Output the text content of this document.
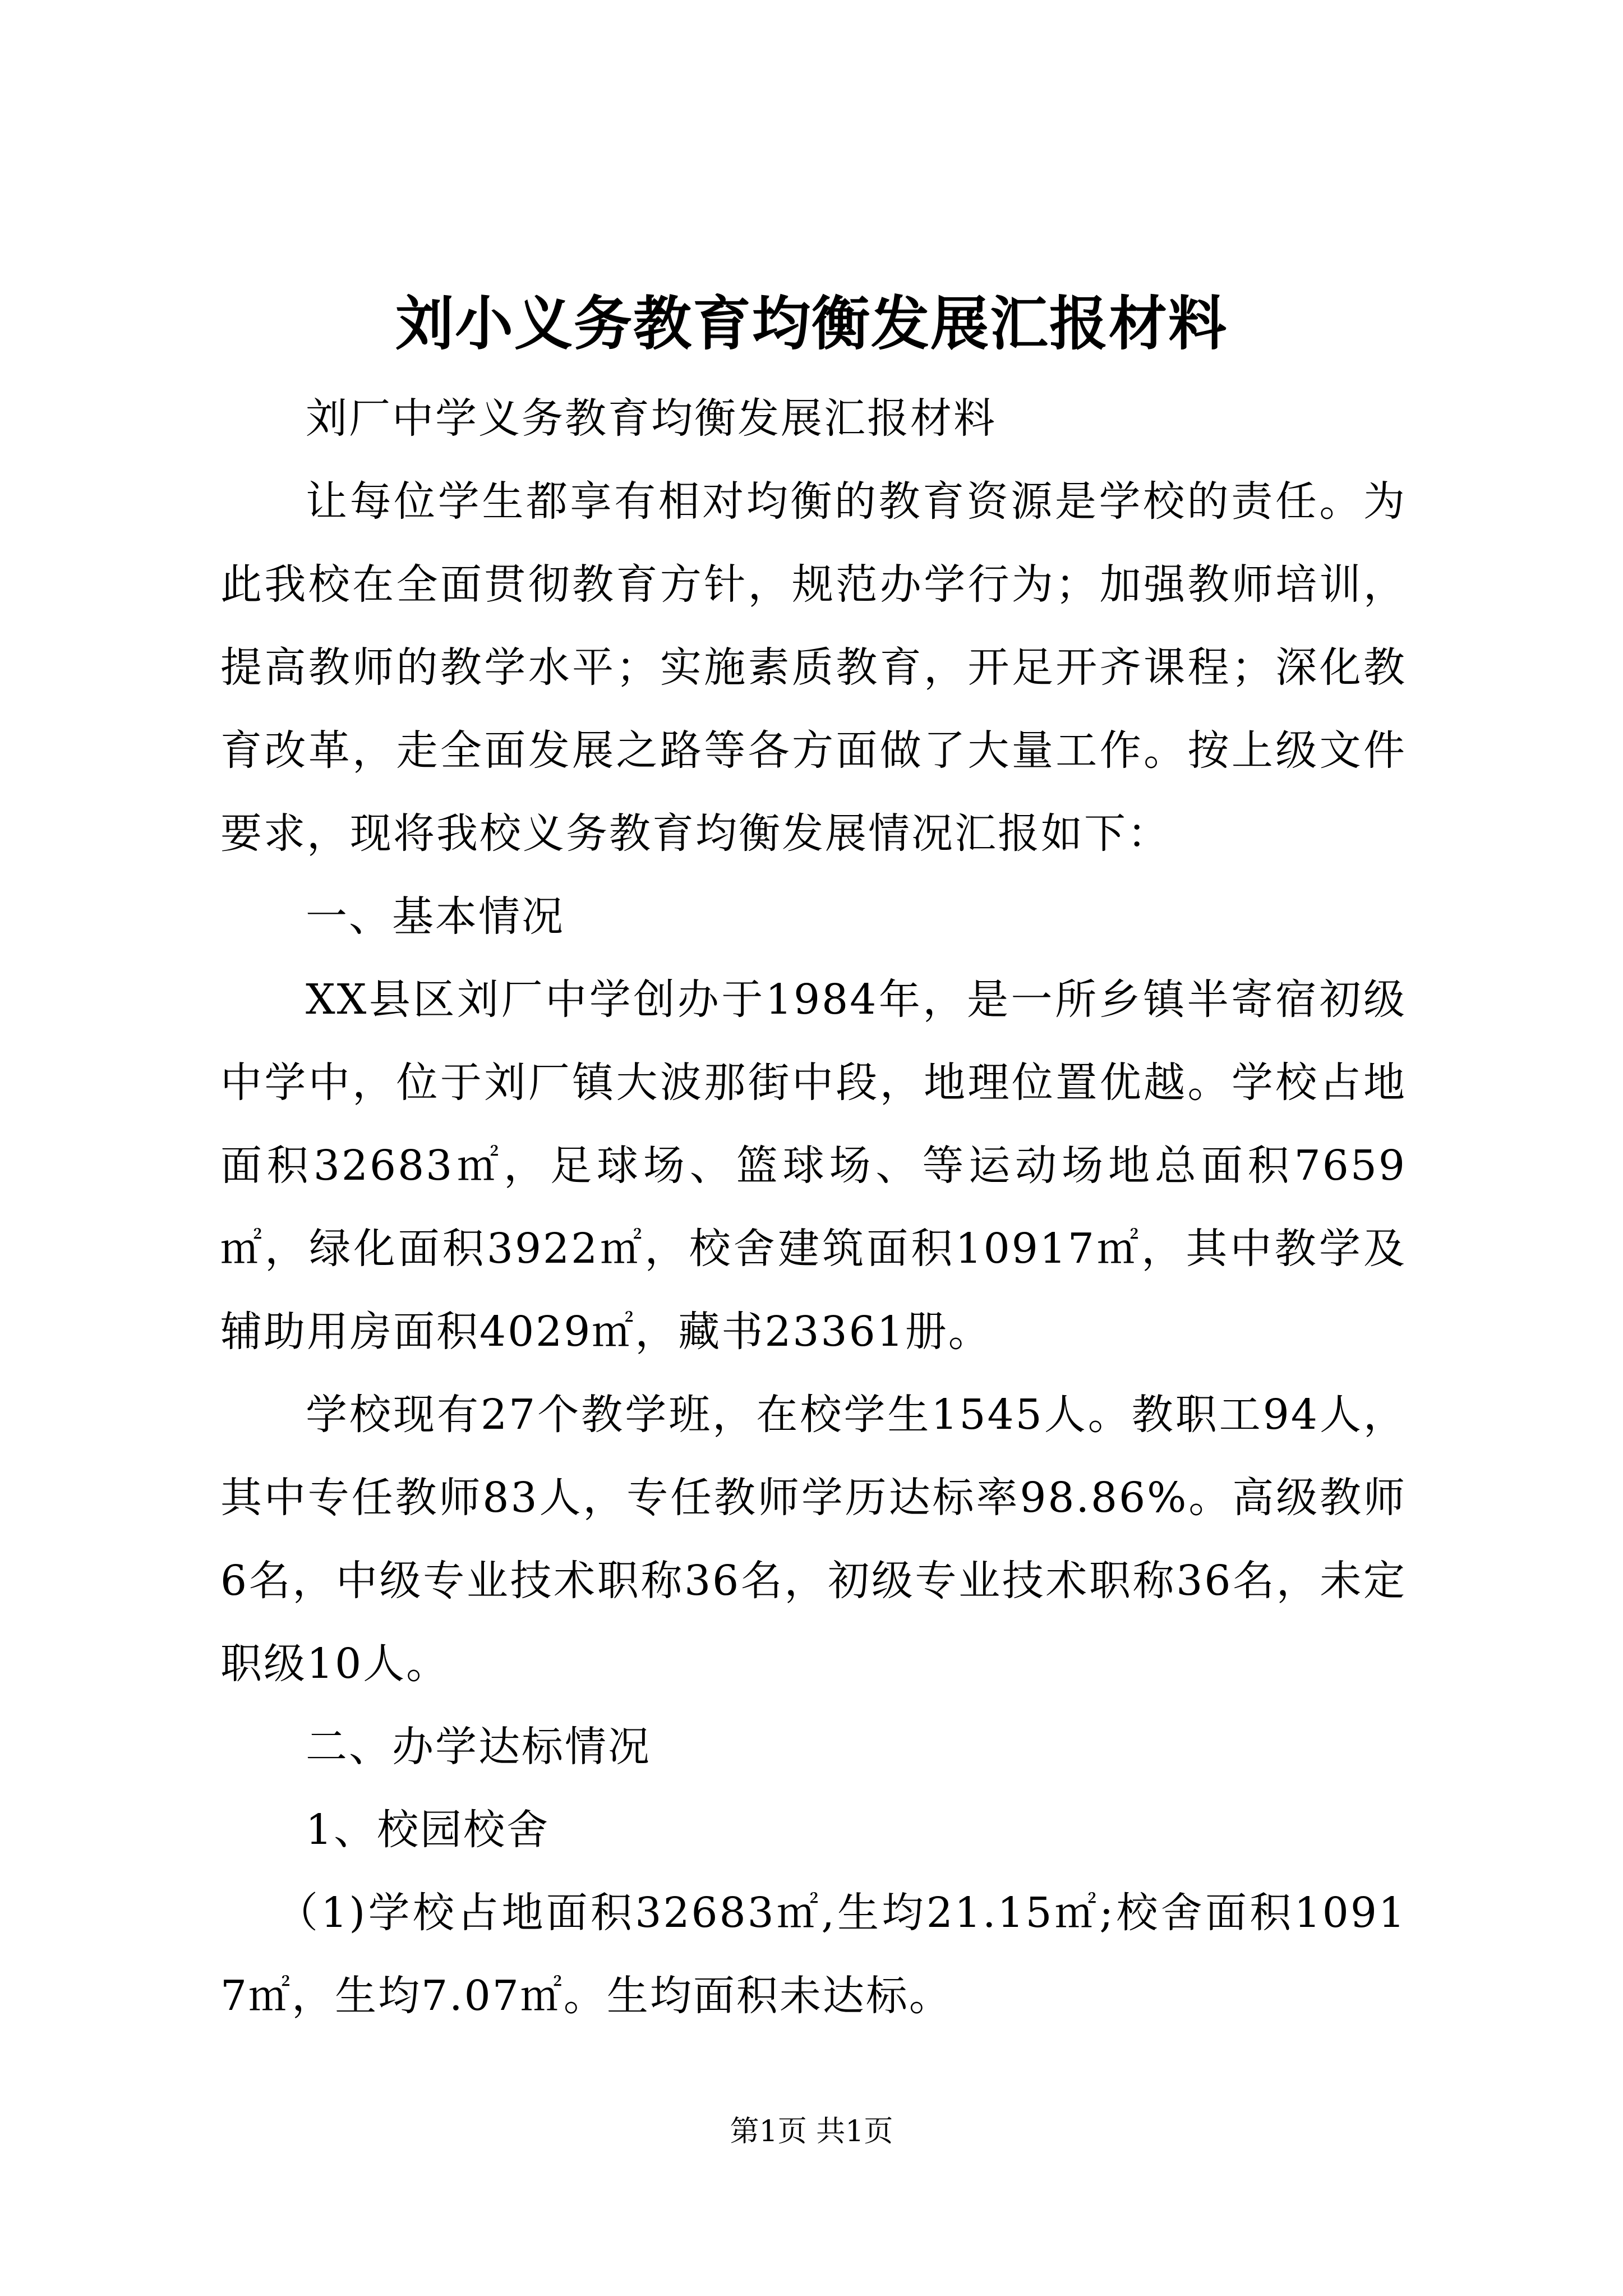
刘小义务教育均衡发展汇报材料

刘厂中学义务教育均衡发展汇报材料

让每位学生都享有相对均衡的教育资源是学校的责任。为此我校在全面贯彻教育方针，规范办学行为；加强教师培训，提高教师的教学水平；实施素质教育，开足开齐课程；深化教育改革，走全面发展之路等各方面做了大量工作。按上级文件要求，现将我校义务教育均衡发展情况汇报如下：

一、基本情况

XX县区刘厂中学创办于1984年，是一所乡镇半寄宿初级中学中，位于刘厂镇大波那街中段，地理位置优越。学校占地面积32683㎡，足球场、篮球场、等运动场地总面积7659㎡，绿化面积3922㎡，校舍建筑面积10917㎡，其中教学及辅助用房面积4029㎡，藏书23361册。

学校现有27个教学班，在校学生1545人。教职工94人，其中专任教师83人，专任教师学历达标率98.86%。高级教师6名，中级专业技术职称36名，初级专业技术职称36名，未定职级10人。

二、办学达标情况

1、校园校舍

（1)学校占地面积32683㎡,生均21.15㎡;校舍面积10917㎡，生均7.07㎡。生均面积未达标。

第1页 共1页
